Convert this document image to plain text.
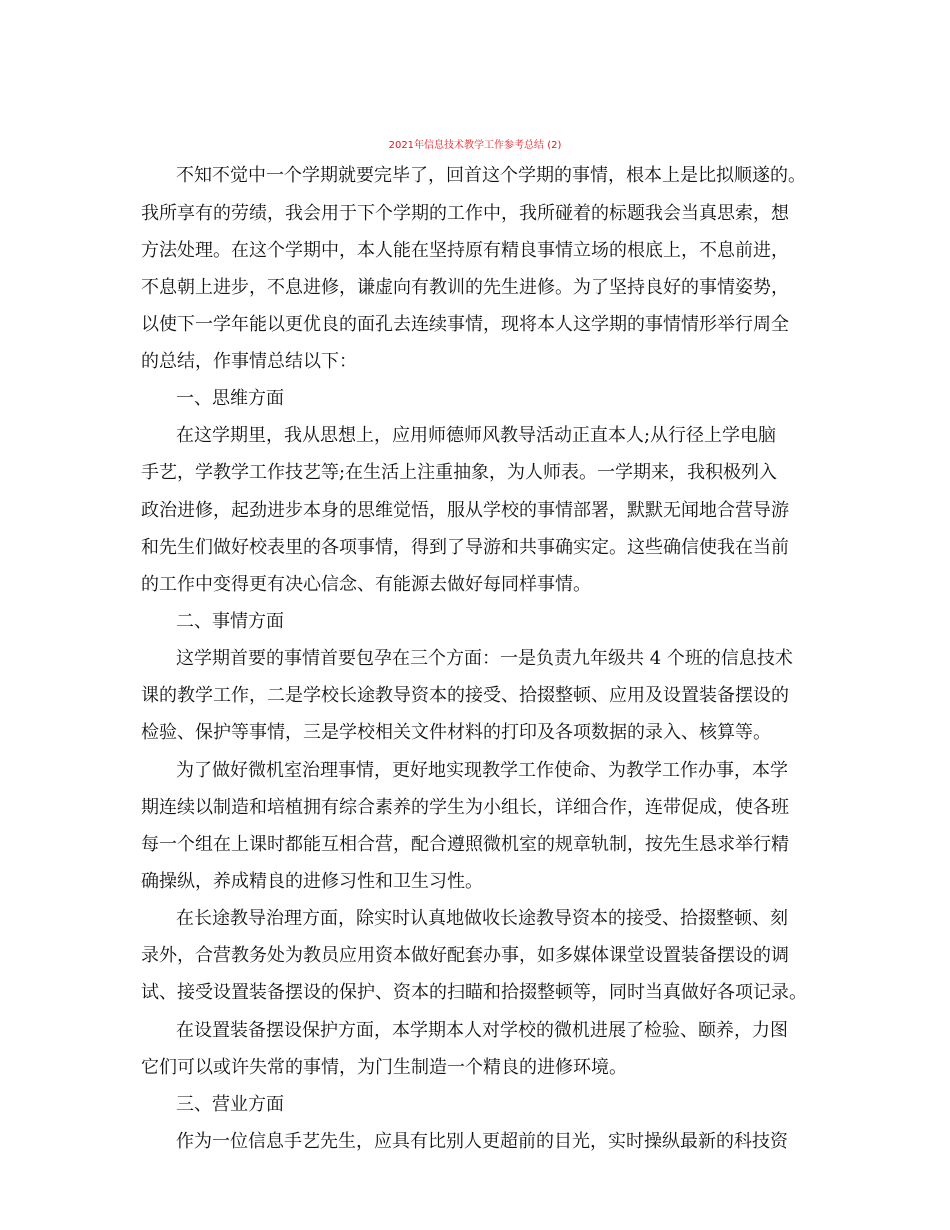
2021年信息技术教学工作参考总结 (2)
不知不觉中一个学期就要完毕了，回首这个学期的事情，根本上是比拟顺遂的。
我所享有的劳绩，我会用于下个学期的工作中，我所碰着的标题我会当真思索，想
方法处理。在这个学期中，本人能在坚持原有精良事情立场的根底上，不息前进，
不息朝上进步，不息进修，谦虚向有教训的先生进修。为了坚持良好的事情姿势，
以使下一学年能以更优良的面孔去连续事情，现将本人这学期的事情情形举行周全
的总结，作事情总结以下：
一、思维方面
在这学期里，我从思想上，应用师德师风教导活动正直本人;从行径上学电脑
手艺，学教学工作技艺等;在生活上注重抽象，为人师表。一学期来，我积极列入
政治进修，起劲进步本身的思维觉悟，服从学校的事情部署，默默无闻地合营导游
和先生们做好校表里的各项事情，得到了导游和共事确实定。这些确信使我在当前
的工作中变得更有决心信念、有能源去做好每同样事情。
二、事情方面
这学期首要的事情首要包孕在三个方面：一是负责九年级共 4 个班的信息技术
课的教学工作，二是学校长途教导资本的接受、拾掇整顿、应用及设置装备摆设的
检验、保护等事情，三是学校相关文件材料的打印及各项数据的录入、核算等。
为了做好微机室治理事情，更好地实现教学工作使命、为教学工作办事，本学
期连续以制造和培植拥有综合素养的学生为小组长，详细合作，连带促成，使各班
每一个组在上课时都能互相合营，配合遵照微机室的规章轨制，按先生恳求举行精
确操纵，养成精良的进修习性和卫生习性。
在长途教导治理方面，除实时认真地做收长途教导资本的接受、拾掇整顿、刻
录外，合营教务处为教员应用资本做好配套办事，如多媒体课堂设置装备摆设的调
试、接受设置装备摆设的保护、资本的扫瞄和拾掇整顿等，同时当真做好各项记录。
在设置装备摆设保护方面，本学期本人对学校的微机进展了检验、颐养，力图
它们可以或许失常的事情，为门生制造一个精良的进修环境。
三、营业方面
作为一位信息手艺先生，应具有比别人更超前的目光，实时操纵最新的科技资
